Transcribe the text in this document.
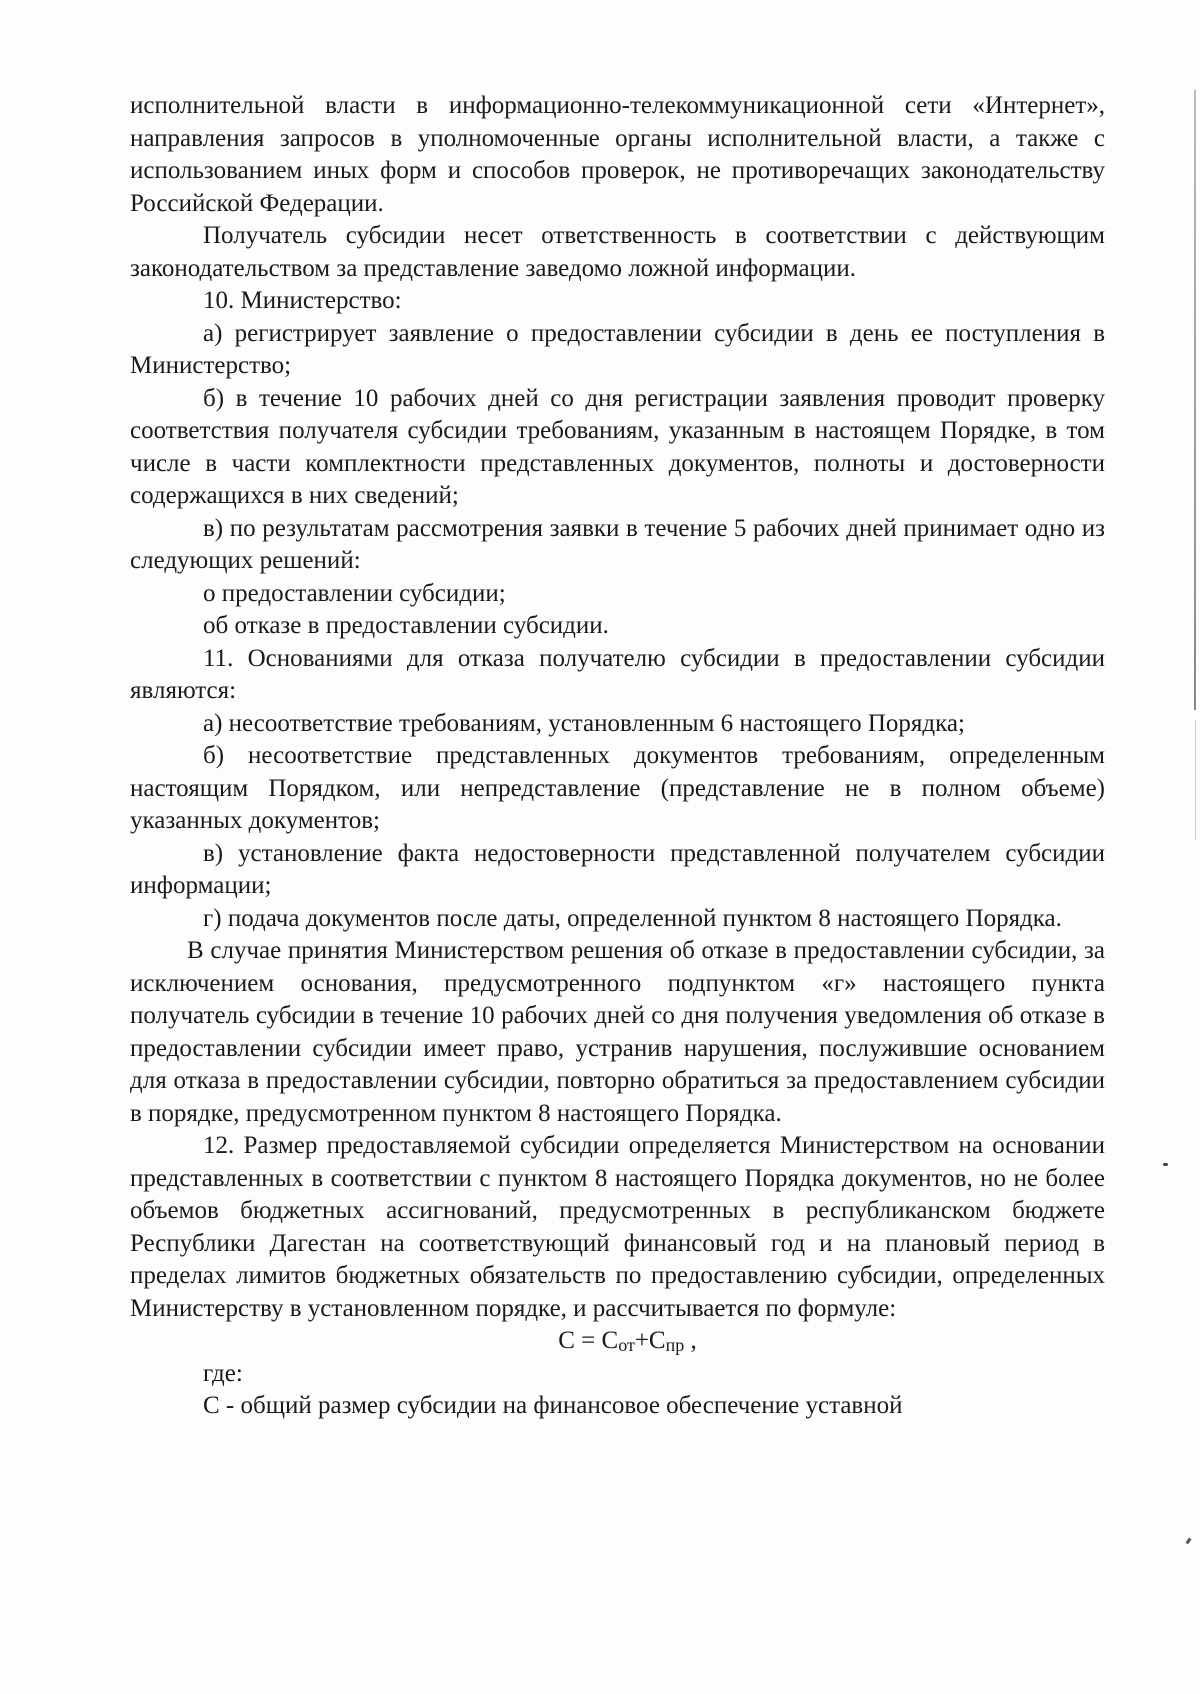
исполнительной власти в информационно-телекоммуникационной сети «Интернет», направления запросов в уполномоченные органы исполнительной власти, а также с использованием иных форм и способов проверок, не противоречащих законодательству Российской Федерации.

Получатель субсидии несет ответственность в соответствии с действующим законодательством за представление заведомо ложной информации.

10. Министерство:

а) регистрирует заявление о предоставлении субсидии в день ее поступления в Министерство;

б) в течение 10 рабочих дней со дня регистрации заявления проводит проверку соответствия получателя субсидии требованиям, указанным в настоящем Порядке, в том числе в части комплектности представленных документов, полноты и достоверности содержащихся в них сведений;

в) по результатам рассмотрения заявки в течение 5 рабочих дней принимает одно из следующих решений:

о предоставлении субсидии;

об отказе в предоставлении субсидии.

11. Основаниями для отказа получателю субсидии в предоставлении субсидии являются:

а) несоответствие требованиям, установленным 6 настоящего Порядка;

б) несоответствие представленных документов требованиям, определенным настоящим Порядком, или непредставление (представление не в полном объеме) указанных документов;

в) установление факта недостоверности представленной получателем субсидии информации;

г) подача документов после даты, определенной пунктом 8 настоящего Порядка.

В случае принятия Министерством решения об отказе в предоставлении субсидии, за исключением основания, предусмотренного подпунктом «г» настоящего пункта получатель субсидии в течение 10 рабочих дней со дня получения уведомления об отказе в предоставлении субсидии имеет право, устранив нарушения, послужившие основанием для отказа в предоставлении субсидии, повторно обратиться за предоставлением субсидии в порядке, предусмотренном пунктом 8 настоящего Порядка.

12. Размер предоставляемой субсидии определяется Министерством на основании представленных в соответствии с пунктом 8 настоящего Порядка документов, но не более объемов бюджетных ассигнований, предусмотренных в республиканском бюджете Республики Дагестан на соответствующий финансовый год и на плановый период в пределах лимитов бюджетных обязательств по предоставлению субсидии, определенных Министерству в установленном порядке, и рассчитывается по формуле:

$С = С_{от}+С_{пр}$ ,

где:

С - общий размер субсидии на финансовое обеспечение уставной
